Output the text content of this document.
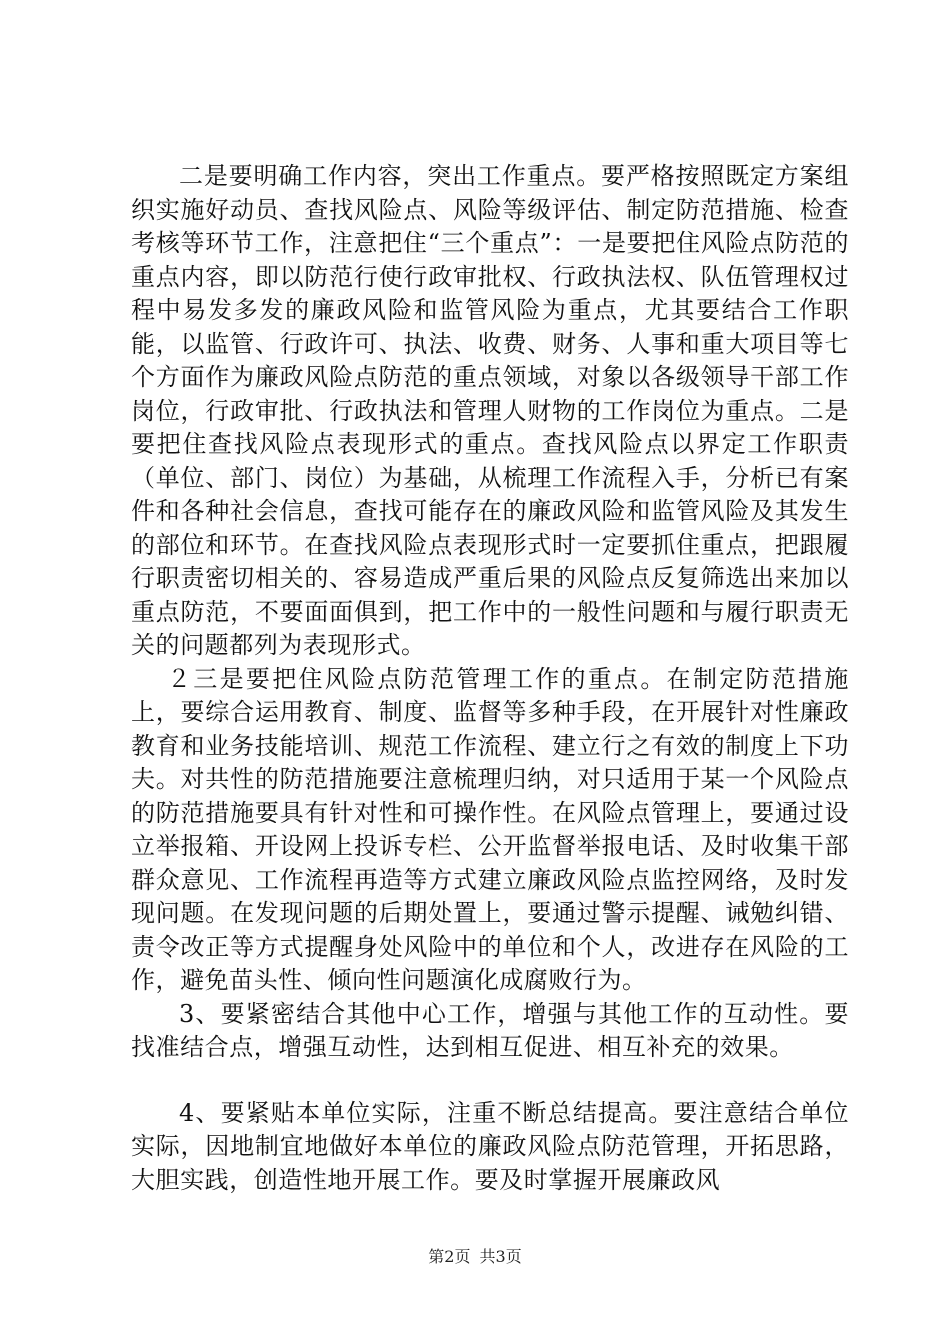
二是要明确工作内容，突出工作重点。要严格按照既定方案组织实施好动员、查找风险点、风险等级评估、制定防范措施、检查考核等环节工作，注意把住“三个重点”：一是要把住风险点防范的重点内容，即以防范行使行政审批权、行政执法权、队伍管理权过程中易发多发的廉政风险和监管风险为重点，尤其要结合工作职能，以监管、行政许可、执法、收费、财务、人事和重大项目等七个方面作为廉政风险点防范的重点领域，对象以各级领导干部工作岗位，行政审批、行政执法和管理人财物的工作岗位为重点。二是要把住查找风险点表现形式的重点。查找风险点以界定工作职责（单位、部门、岗位）为基础，从梳理工作流程入手，分析已有案件和各种社会信息，查找可能存在的廉政风险和监管风险及其发生的部位和环节。在查找风险点表现形式时一定要抓住重点，把跟履行职责密切相关的、容易造成严重后果的风险点反复筛选出来加以重点防范，不要面面俱到，把工作中的一般性问题和与履行职责无关的问题都列为表现形式。

２三是要把住风险点防范管理工作的重点。在制定防范措施上，要综合运用教育、制度、监督等多种手段，在开展针对性廉政教育和业务技能培训、规范工作流程、建立行之有效的制度上下功夫。对共性的防范措施要注意梳理归纳，对只适用于某一个风险点的防范措施要具有针对性和可操作性。在风险点管理上，要通过设立举报箱、开设网上投诉专栏、公开监督举报电话、及时收集干部群众意见、工作流程再造等方式建立廉政风险点监控网络，及时发现问题。在发现问题的后期处置上，要通过警示提醒、诫勉纠错、责令改正等方式提醒身处风险中的单位和个人，改进存在风险的工作，避免苗头性、倾向性问题演化成腐败行为。

3、要紧密结合其他中心工作，增强与其他工作的互动性。要找准结合点，增强互动性，达到相互促进、相互补充的效果。

4、要紧贴本单位实际，注重不断总结提高。要注意结合单位实际，因地制宜地做好本单位的廉政风险点防范管理，开拓思路，大胆实践，创造性地开展工作。要及时掌握开展廉政风

第2页 共3页
